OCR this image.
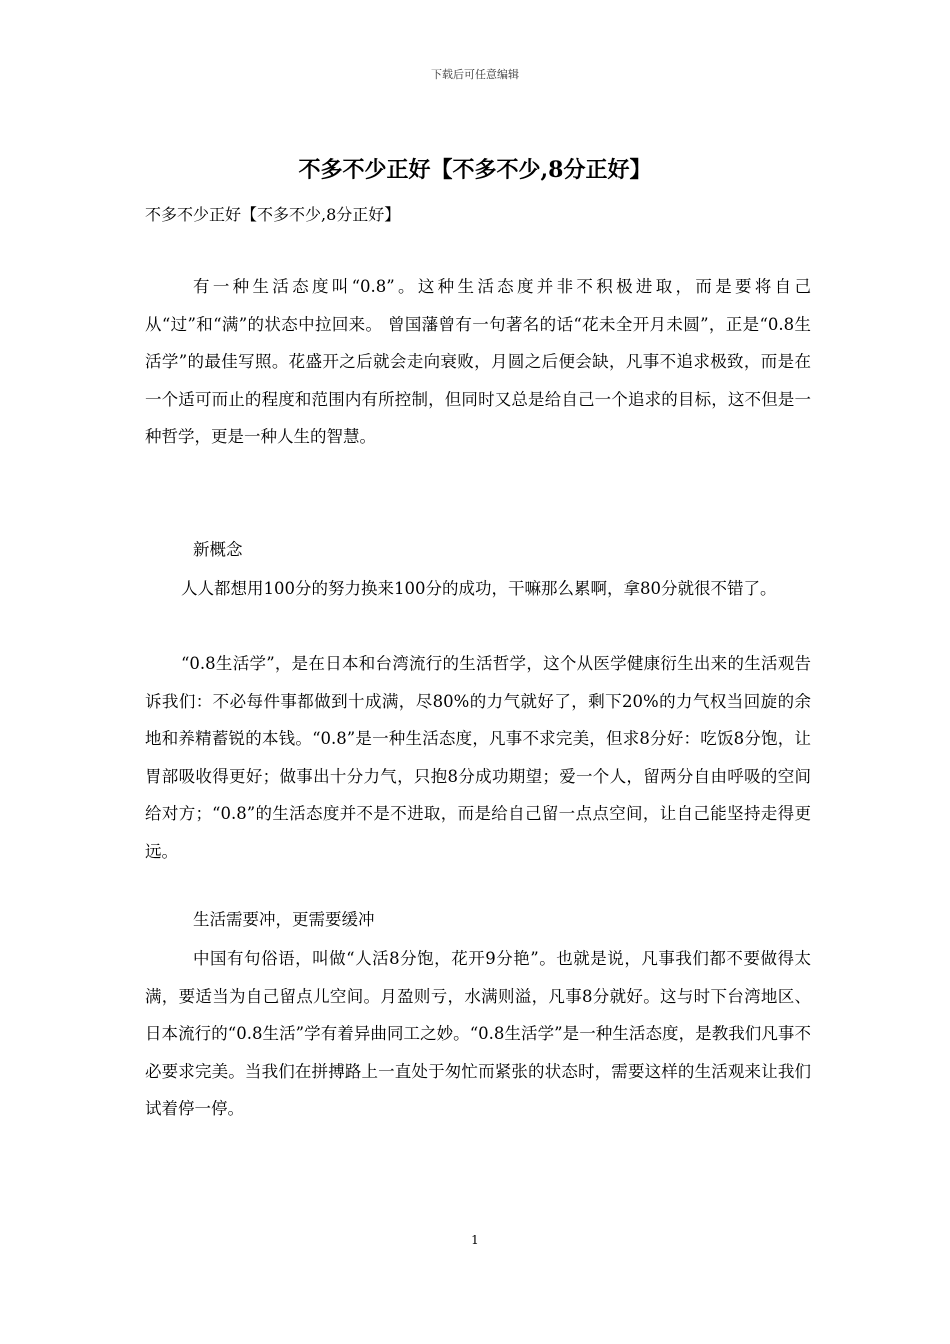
下载后可任意编辑
不多不少正好【不多不少,8分正好】
不多不少正好【不多不少,8分正好】

有一种生活态度叫“0.8”。这种生活态度并非不积极进取，而是要将自己从“过”和“满”的状态中拉回来。 曾国藩曾有一句著名的话“花未全开月未圆”，正是“0.8生活学”的最佳写照。花盛开之后就会走向衰败，月圆之后便会缺，凡事不追求极致，而是在一个适可而止的程度和范围内有所控制，但同时又总是给自己一个追求的目标，这不但是一种哲学，更是一种人生的智慧。

新概念

人人都想用100分的努力换来100分的成功，干嘛那么累啊，拿80分就很不错了。

“0.8生活学”，是在日本和台湾流行的生活哲学，这个从医学健康衍生出来的生活观告诉我们：不必每件事都做到十成满，尽80%的力气就好了，剩下20%的力气权当回旋的余地和养精蓄锐的本钱。“0.8”是一种生活态度，凡事不求完美，但求8分好：吃饭8分饱，让胃部吸收得更好；做事出十分力气，只抱8分成功期望；爱一个人，留两分自由呼吸的空间给对方；“0.8”的生活态度并不是不进取，而是给自己留一点点空间，让自己能坚持走得更远。

生活需要冲，更需要缓冲

中国有句俗语，叫做“人活8分饱，花开9分艳”。也就是说，凡事我们都不要做得太满，要适当为自己留点儿空间。月盈则亏，水满则溢，凡事8分就好。这与时下台湾地区、日本流行的“0.8生活”学有着异曲同工之妙。“0.8生活学”是一种生活态度，是教我们凡事不必要求完美。当我们在拼搏路上一直处于匆忙而紧张的状态时，需要这样的生活观来让我们试着停一停。

1
